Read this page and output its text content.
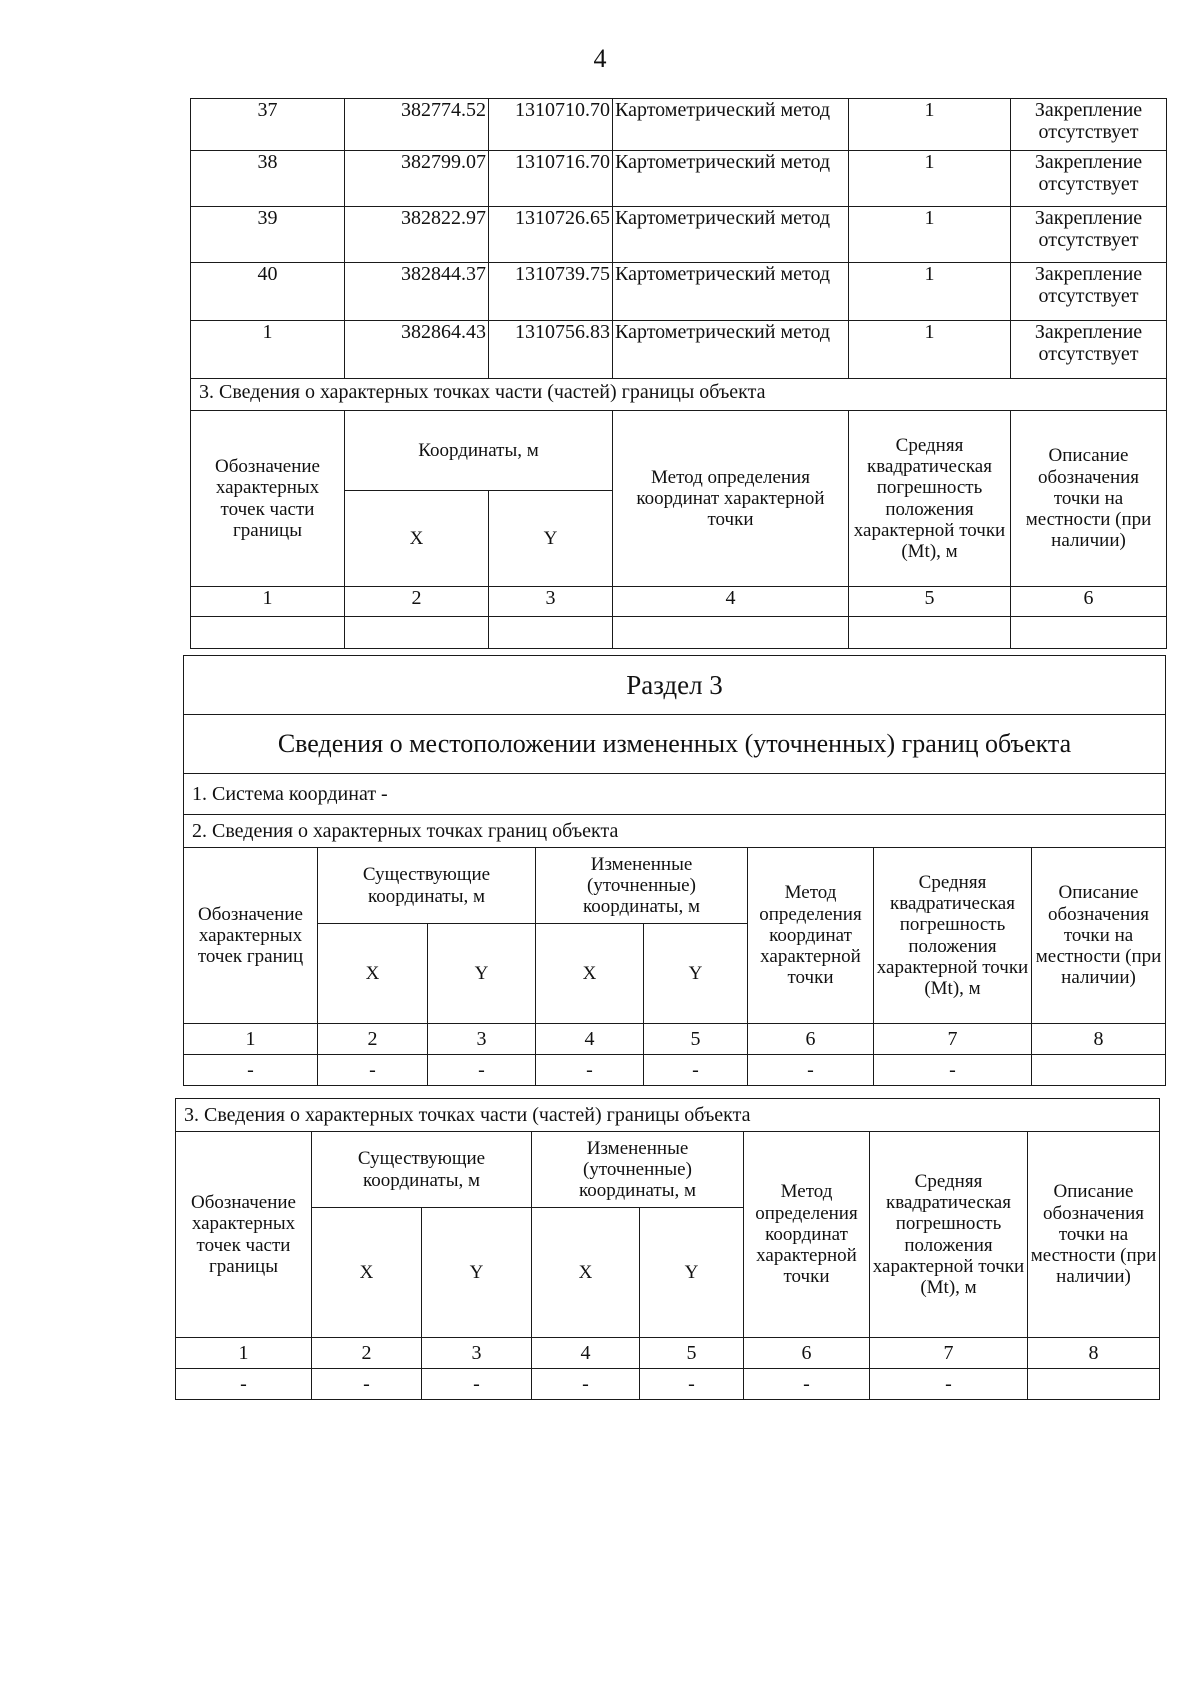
4
37	382774.52	1310710.70	Картометрический метод	1	Закрепление отсутствует
38	382799.07	1310716.70	Картометрический метод	1	Закрепление отсутствует
39	382822.97	1310726.65	Картометрический метод	1	Закрепление отсутствует
40	382844.37	1310739.75	Картометрический метод	1	Закрепление отсутствует
1	382864.43	1310756.83	Картометрический метод	1	Закрепление отсутствует
3. Сведения о характерных точках части (частей) границы объекта					
Обозначение характерных точек части границы	Координаты, м		Метод определения координат характерной точки	Средняя квадратическая погрешность положения характерной точки (Mt), м	Описание обозначения точки на местности (при наличии)
	X	Y			
1	2	3	4	5	6

Раздел 3							
Сведения о местоположении измененных (уточненных) границ объекта							
1. Система координат -							
2. Сведения о характерных точках границ объекта							
Обозначение характерных точек границ	Существующие координаты, м		Измененные (уточненные) координаты, м		Метод определения координат характерной точки	Средняя квадратическая погрешность положения характерной точки (Mt), м	Описание обозначения точки на местности (при наличии)
	X	Y	X	Y			
1	2	3	4	5	6	7	8
-	-	-	-	-	-	-	
3. Сведения о характерных точках части (частей) границы объекта							
Обозначение характерных точек части границы	Существующие координаты, м		Измененные (уточненные) координаты, м		Метод определения координат характерной точки	Средняя квадратическая погрешность положения характерной точки (Mt), м	Описание обозначения точки на местности (при наличии)
	X	Y	X	Y			
1	2	3	4	5	6	7	8
-	-	-	-	-	-	-	
